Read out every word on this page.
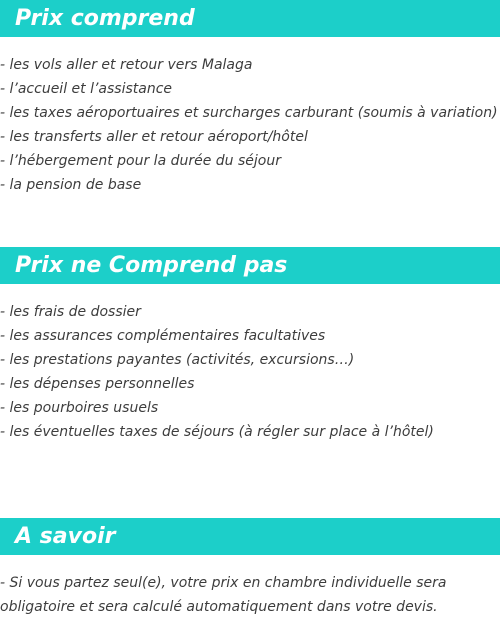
Prix comprend
- les vols aller et retour vers Malaga
- l’accueil et l’assistance
- les taxes aéroportuaires et surcharges carburant (soumis à variation)
- les transferts aller et retour aéroport/hôtel
- l’hébergement pour la durée du séjour
- la pension de base
Prix ne Comprend pas
- les frais de dossier
- les assurances complémentaires facultatives
- les prestations payantes (activités, excursions…)
- les dépenses personnelles
- les pourboires usuels
- les éventuelles taxes de séjours (à régler sur place à l’hôtel)
A savoir

- Si vous partez seul(e), votre prix en chambre individuelle sera obligatoire et sera calculé automatiquement dans votre devis.
